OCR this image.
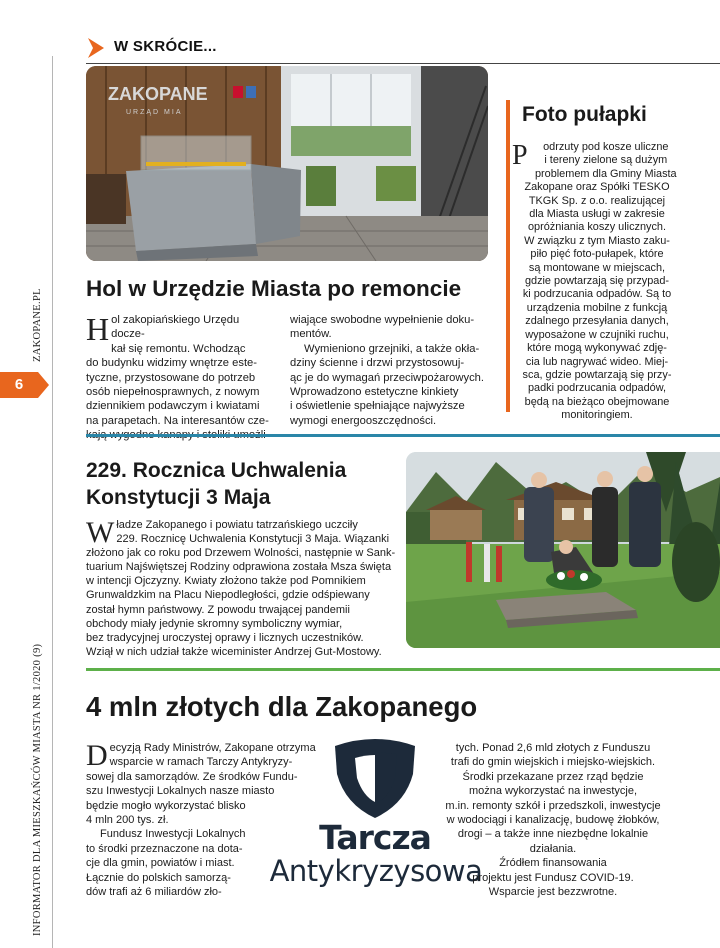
INFORMATOR DLA MIESZKAŃCÓW MIASTA NR 1/2020 (9)
ZAKOPANE.PL
6
W SKRÓCIE...
ZAKOPANE
URZĄD MIA
Hol w Urzędzie Miasta po remoncie
H ol zakopiańskiego Urzędu docze-

kał się remontu. Wchodząc

do budynku widzimy wnętrze este-

tyczne, przystosowane do potrzeb

osób niepełnosprawnych, z nowym

dziennikiem podawczym i kwiatami

na parapetach. Na interesantów cze-

wiające swobodne wypełnienie doku-

mentów.

Wymieniono grzejniki, a także okła-

dziny ścienne i drzwi przystosowuj-

ąc je do wymagań przeciwpożarowych.

Wprowadzono estetyczne kinkiety

i oświetlenie spełniające najwyższe

wymogi energooszczędności.

Foto pułapki
P	odrzuty pod kosze uliczne

i tereny zielone są dużym

problemem dla Gminy Miasta

Zakopane oraz Spółki TESKO

TKGK Sp. z o.o. realizującej

dla Miasta usługi w zakresie

opróżniania koszy ulicznych.

W związku z tym Miasto zaku-

piło pięć foto-pułapek, które

są montowane w miejscach,

gdzie powtarzają się przypad-

ki podrzucania odpadów. Są to

urządzenia mobilne z funkcją

zdalnego przesyłania danych,

wyposażone w czujniki ruchu,

które mogą wykonywać zdję-

cia lub nagrywać wideo. Miej-

sca, gdzie powtarzają się przy-

padki podrzucania odpadów,

będą na bieżąco obejmowane

monitoringiem.

229. Rocznica Uchwalenia
Konstytucji 3 Maja
W ładze Zakopanego i powiatu tatrzańskiego uczciły

229. Rocznicę Uchwalenia Konstytucji 3 Maja. Wiązanki

złożono jak co roku pod Drzewem Wolności, następnie w Sank-

tuarium Najświętszej Rodziny odprawiona została Msza święta

w intencji Ojczyzny. Kwiaty złożono także pod Pomnikiem

Grunwaldzkim na Placu Niepodległości, gdzie odśpiewany

został hymn państwowy. Z powodu trwającej pandemii

obchody miały jedynie skromny symboliczny wymiar,

bez tradycyjnej uroczystej oprawy i licznych uczestników.

Wziął w nich udział także wiceminister Andrzej Gut-Mostowy.

4 mln złotych dla Zakopanego
D ecyzją Rady Ministrów, Zakopane otrzyma

wsparcie w ramach Tarczy Antykryzy-

sowej dla samorządów. Ze środków Fundu-

szu Inwestycji Lokalnych nasze miasto

będzie mogło wykorzystać blisko

4 mln 200 tys. zł.

Fundusz Inwestycji Lokalnych

to środki przeznaczone na dota-

cje dla gmin, powiatów i miast.

Łącznie do polskich samorzą-

dów trafi aż 6 miliardów zło-

Tarcza
Antykryzysowa

tych. Ponad 2,6 mld złotych z Funduszu

trafi do gmin wiejskich i miejsko-wiejskich.

Środki przekazane przez rząd będzie

można wykorzystać na inwestycje,

m.in. remonty szkół i przedszkoli, inwestycje

w wodociągi i kanalizację, budowę żłobków,

drogi – a także inne niezbędne lokalnie

działania.

Źródłem finansowania

projektu jest Fundusz COVID-19.

Wsparcie jest bezzwrotne.
